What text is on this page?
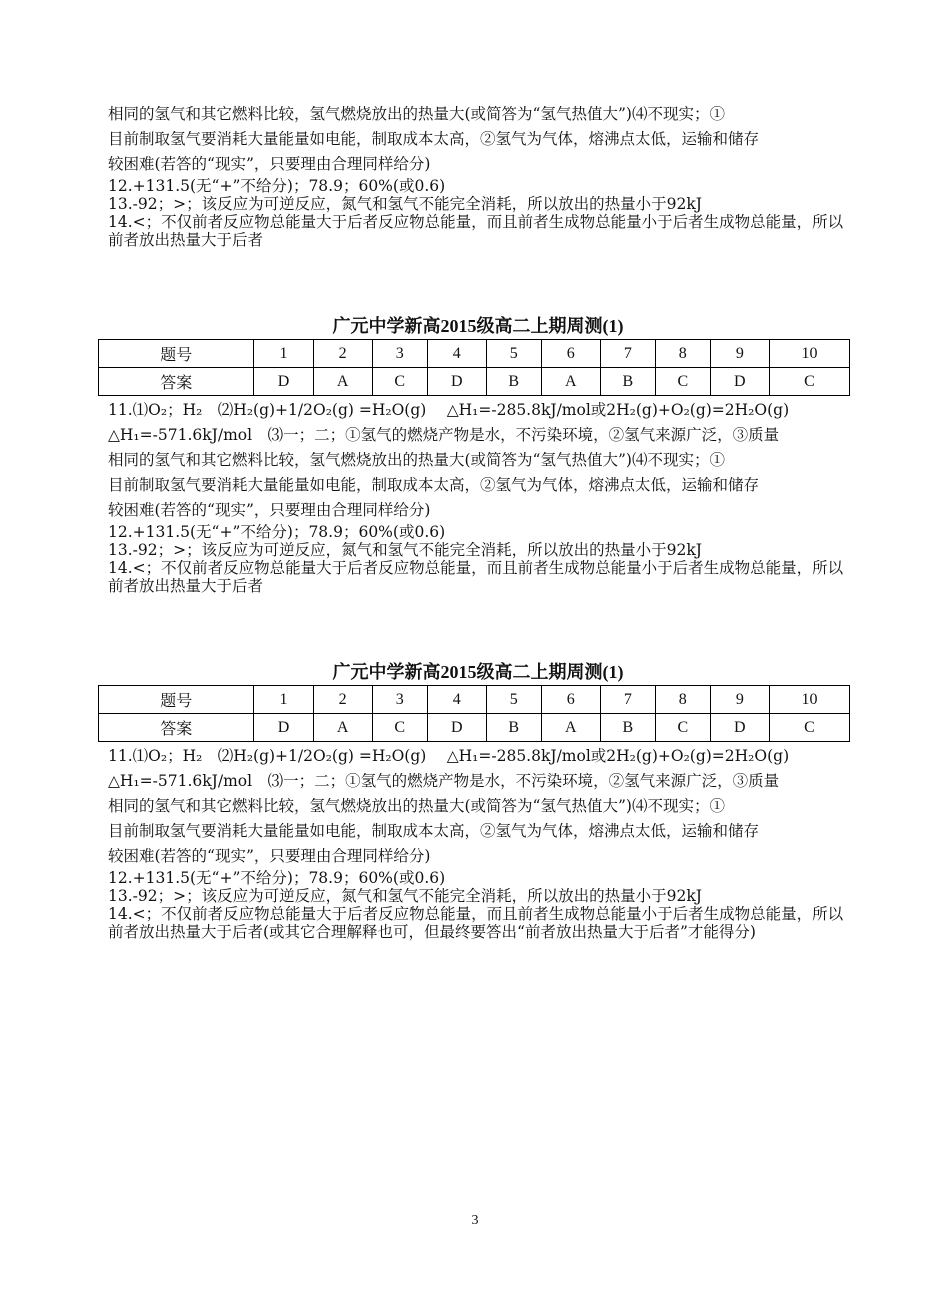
相同的氢气和其它燃料比较，氢气燃烧放出的热量大(或简答为“氢气热值大”)⑷不现实；①

目前制取氢气要消耗大量能量如电能，制取成本太高，②氢气为气体，熔沸点太低，运输和储存

较困难(若答的“现实”，只要理由合理同样给分)

12.+131.5(无“+”不给分)；78.9；60%(或0.6)

13.-92；>；该反应为可逆反应，氮气和氢气不能完全消耗，所以放出的热量小于92kJ

14.<；不仅前者反应物总能量大于后者反应物总能量，而且前者生成物总能量小于后者生成物总能量，所以前者放出热量大于后者

广元中学新高2015级高二上期周测(1)

题号	1	2	3	4	5	6	7	8	9	10
答案	D	A	C	D	B	A	B	C	D	C

11.⑴O₂；H₂　⑵H₂(g)+1/2O₂(g) =H₂O(g)　 △H₁=-285.8kJ/mol或2H₂(g)+O₂(g)=2H₂O(g)

△H₁=-571.6kJ/mol　⑶一；二；①氢气的燃烧产物是水，不污染环境，②氢气来源广泛，③质量

相同的氢气和其它燃料比较，氢气燃烧放出的热量大(或简答为“氢气热值大”)⑷不现实；①

目前制取氢气要消耗大量能量如电能，制取成本太高，②氢气为气体，熔沸点太低，运输和储存

较困难(若答的“现实”，只要理由合理同样给分)

12.+131.5(无“+”不给分)；78.9；60%(或0.6)

13.-92；>；该反应为可逆反应，氮气和氢气不能完全消耗，所以放出的热量小于92kJ

14.<；不仅前者反应物总能量大于后者反应物总能量，而且前者生成物总能量小于后者生成物总能量，所以前者放出热量大于后者

广元中学新高2015级高二上期周测(1)

题号	1	2	3	4	5	6	7	8	9	10
答案	D	A	C	D	B	A	B	C	D	C

11.⑴O₂；H₂　⑵H₂(g)+1/2O₂(g) =H₂O(g)　 △H₁=-285.8kJ/mol或2H₂(g)+O₂(g)=2H₂O(g)

△H₁=-571.6kJ/mol　⑶一；二；①氢气的燃烧产物是水，不污染环境，②氢气来源广泛，③质量

相同的氢气和其它燃料比较，氢气燃烧放出的热量大(或简答为“氢气热值大”)⑷不现实；①

目前制取氢气要消耗大量能量如电能，制取成本太高，②氢气为气体，熔沸点太低，运输和储存

较困难(若答的“现实”，只要理由合理同样给分)

12.+131.5(无“+”不给分)；78.9；60%(或0.6)

13.-92；>；该反应为可逆反应，氮气和氢气不能完全消耗，所以放出的热量小于92kJ

14.<；不仅前者反应物总能量大于后者反应物总能量，而且前者生成物总能量小于后者生成物总能量，所以前者放出热量大于后者(或其它合理解释也可，但最终要答出“前者放出热量大于后者”才能得分)

3
